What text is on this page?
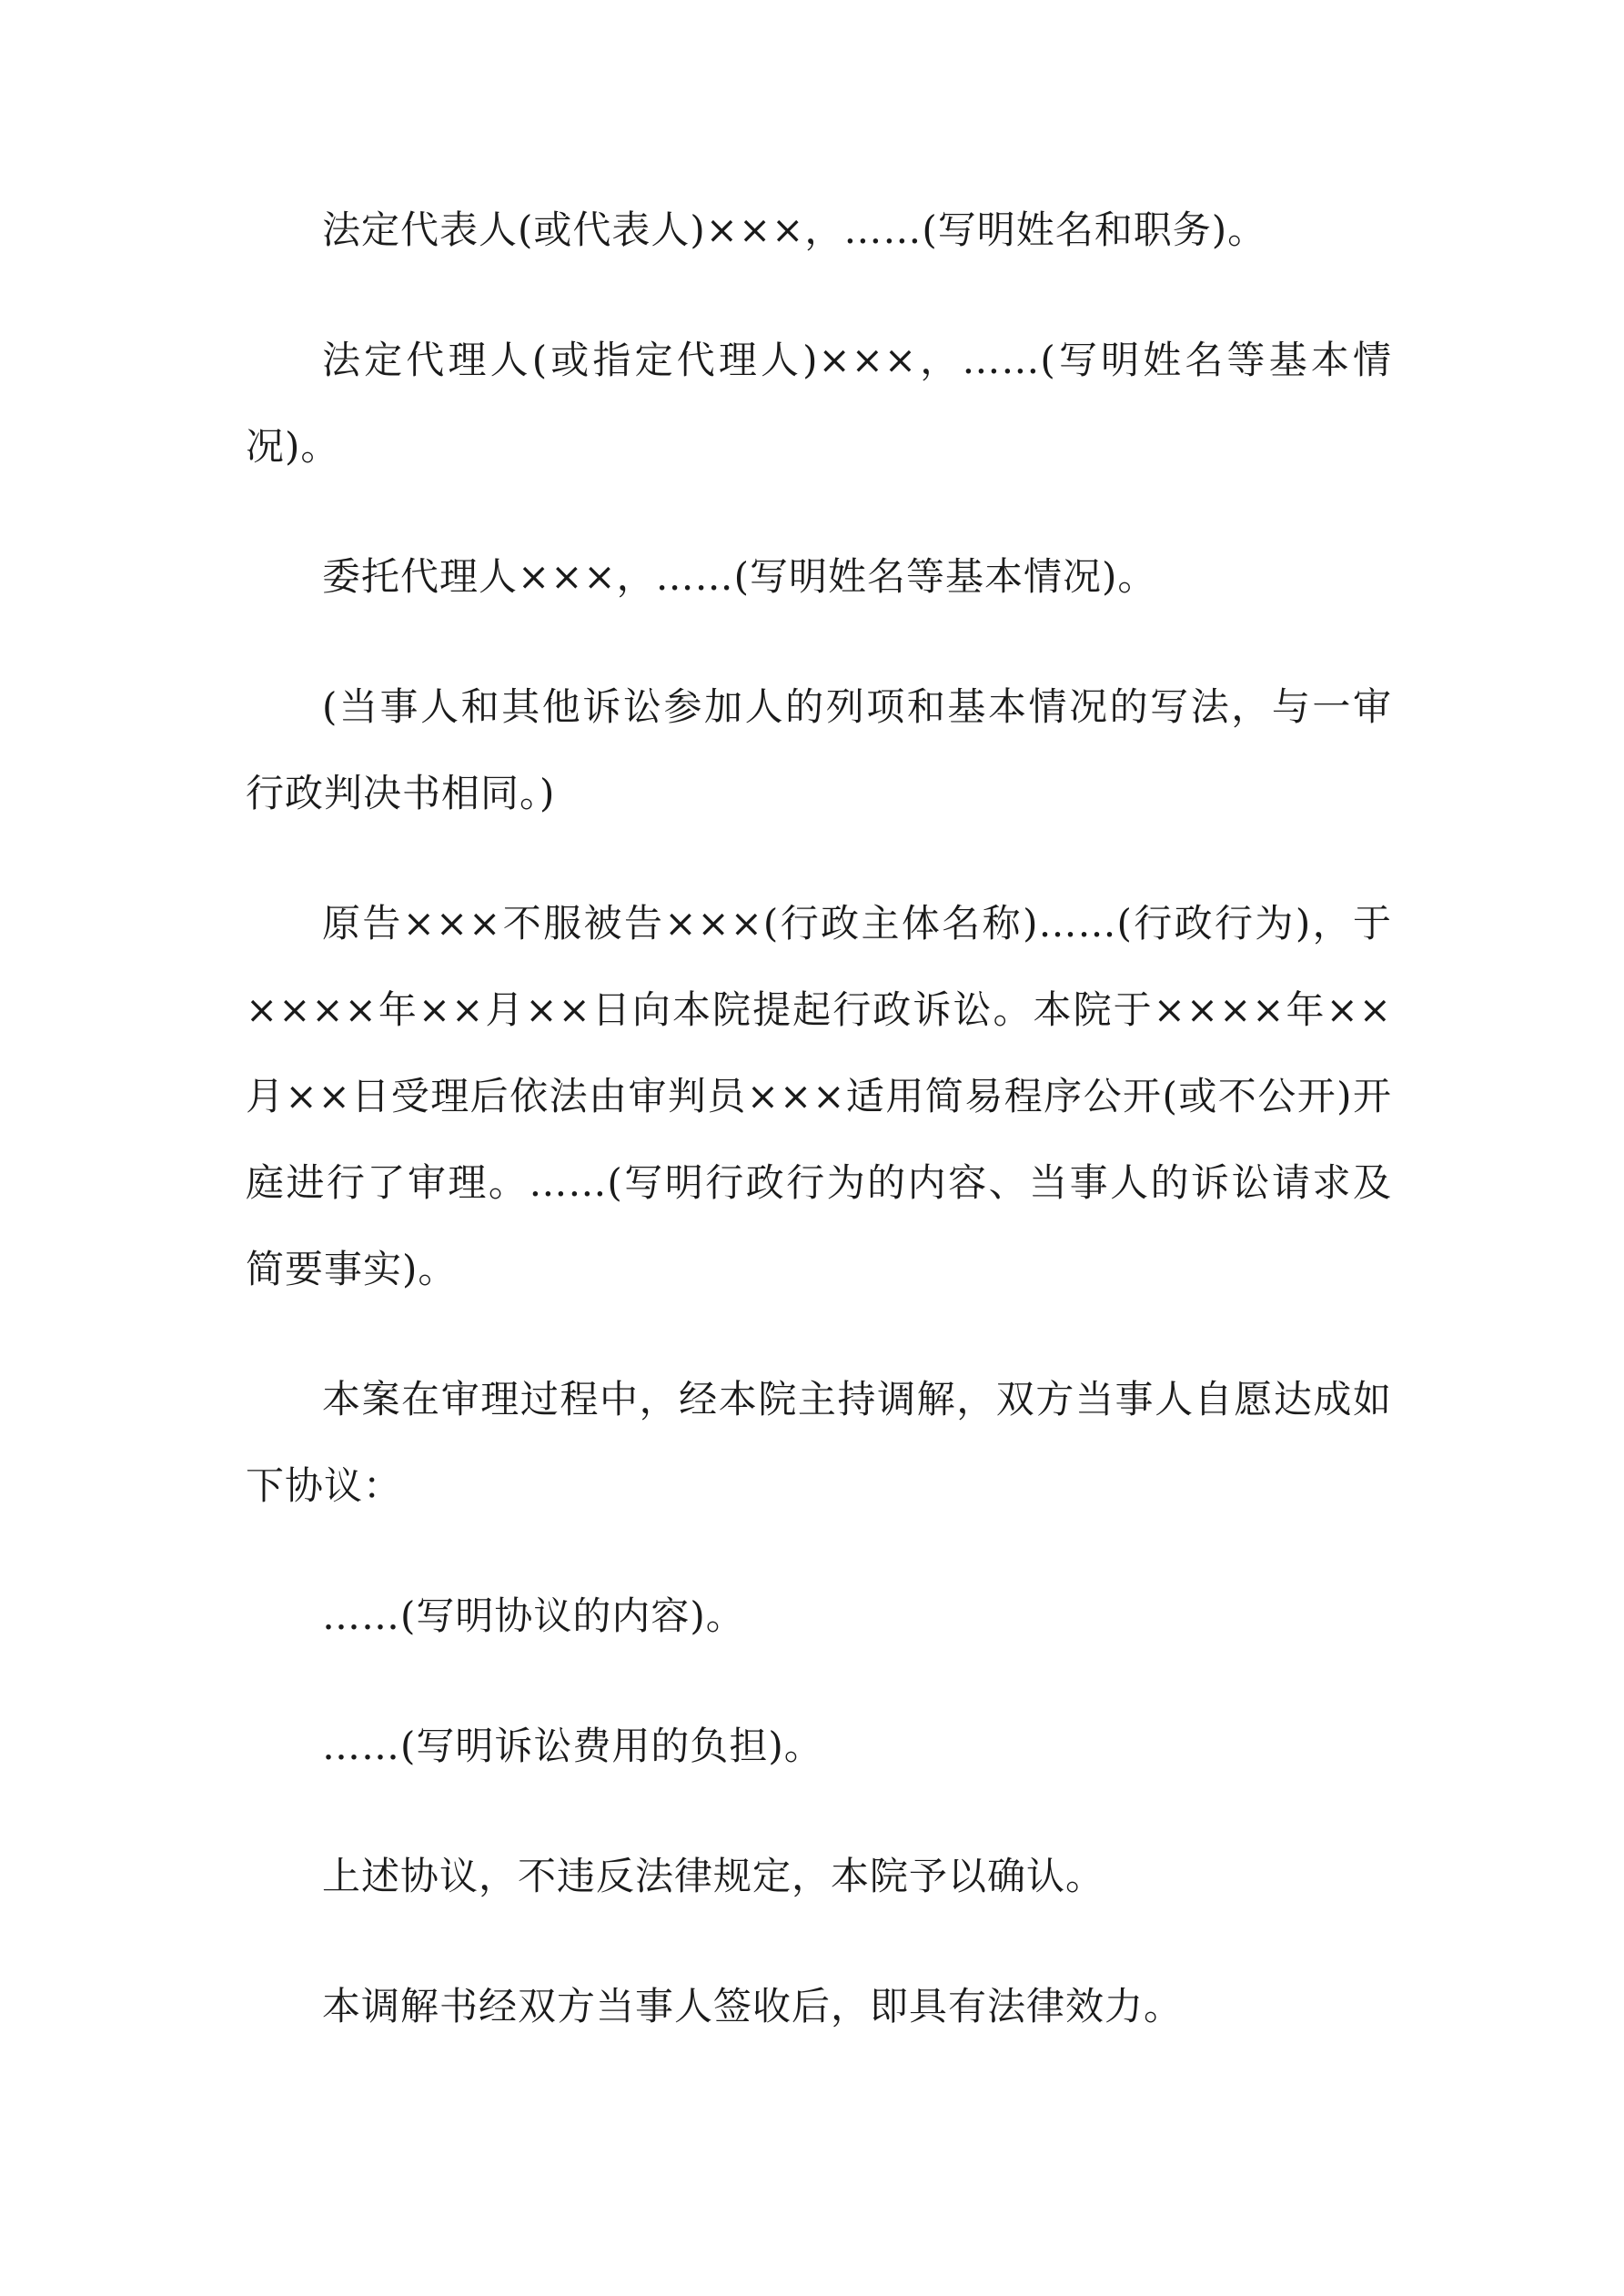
法定代表人(或代表人)×××，……(写明姓名和职务)。

法定代理人(或指定代理人)×××，……(写明姓名等基本情况)。

委托代理人×××，……(写明姓名等基本情况)。

(当事人和其他诉讼参加人的列项和基本情况的写法，与一审行政判决书相同。)

原告×××不服被告×××(行政主体名称)……(行政行为)，于××××年××月××日向本院提起行政诉讼。本院于××××年××月××日受理后依法由审判员×××适用简易程序公开(或不公开)开庭进行了审理。……(写明行政行为的内容、当事人的诉讼请求及简要事实)。

本案在审理过程中，经本院主持调解，双方当事人自愿达成如下协议：

……(写明协议的内容)。

……(写明诉讼费用的负担)。

上述协议，不违反法律规定，本院予以确认。

本调解书经双方当事人签收后，即具有法律效力。
